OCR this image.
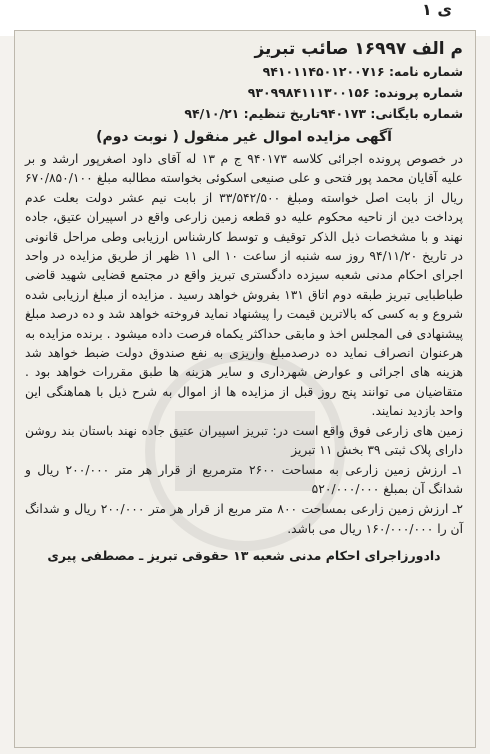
ی ۱

م الف ۱۶۹۹۷ صائب تبریز

شماره نامه: ۹۴۱۰۱۱۴۵۰۱۲۰۰۷۱۶

شماره پرونده: ۹۳۰۹۹۸۴۱۱۱۳۰۰۱۵۶

شماره بایگانی: ۹۴۰۱۷۳تاریخ تنظیم: ۹۴/۱۰/۲۱

آگهی مزایده اموال غیر منقول ( نوبت دوم)

در خصوص پرونده اجرائی کلاسه ۹۴۰۱۷۳ ج م ۱۳ له آقای داود اصغرپور ارشد و بر علیه آقایان محمد پور فتحی و علی صنیعی اسکوئی بخواسته مطالبه مبلغ ۶۷۰/۸۵۰/۱۰۰ ریال از بابت اصل خواسته ومبلغ ۳۳/۵۴۲/۵۰۰ از بابت نیم عشر دولت بعلت عدم پرداخت دین از ناحیه محکوم علیه دو قطعه زمین زارعی واقع در اسپیران عتیق، جاده نهند و با مشخصات ذیل الذکر توقیف و توسط کارشناس ارزیابی وطی مراحل قانونی در تاریخ ۹۴/۱۱/۲۰ روز سه شنبه از ساعت ۱۰ الی ۱۱ ظهر از طریق مزایده در واحد اجرای احکام مدنی شعبه سیزده دادگستری تبریز واقع در مجتمع قضایی شهید قاضی طباطبایی تبریز طبقه دوم اتاق ۱۳۱ بفروش خواهد رسید . مزایده از مبلغ ارزیابی شده شروع و به کسی که بالاترین قیمت را پیشنهاد نماید فروخته خواهد شد و ده درصد مبلغ پیشنهادی فی المجلس اخذ و مابقی حداکثر یکماه فرصت داده میشود . برنده مزایده به هرعنوان انصراف نماید ده درصدمبلغ واریزی به نفع صندوق دولت ضبط خواهد شد هزینه های اجرائی و عوارض شهرداری و سایر هزینه ها طبق مقررات خواهد بود . متقاضیان می توانند پنج روز قبل از مزایده ها از اموال به شرح ذیل با هماهنگی این واحد بازدید نمایند.

زمین های زارعی فوق واقع است در: تبریز اسپیران عتیق جاده نهند باستان بند روشن دارای پلاک ثبتی ۳۹ بخش ۱۱ تبریز

۱ـ ارزش زمین زارعی به مساحت ۲۶۰۰ مترمربع از قرار هر متر ۲۰۰/۰۰۰ ریال و شدانگ آن بمبلغ ۵۲۰/۰۰۰/۰۰۰

۲ـ ارزش زمین زارعی بمساحت ۸۰۰ متر مربع از قرار هر متر ۲۰۰/۰۰۰ ریال و شدانگ آن را ۱۶۰/۰۰۰/۰۰۰ ریال می باشد.

دادورزاجرای احکام مدنی شعبه ۱۳ حقوقی تبریز ـ مصطفی پیری
